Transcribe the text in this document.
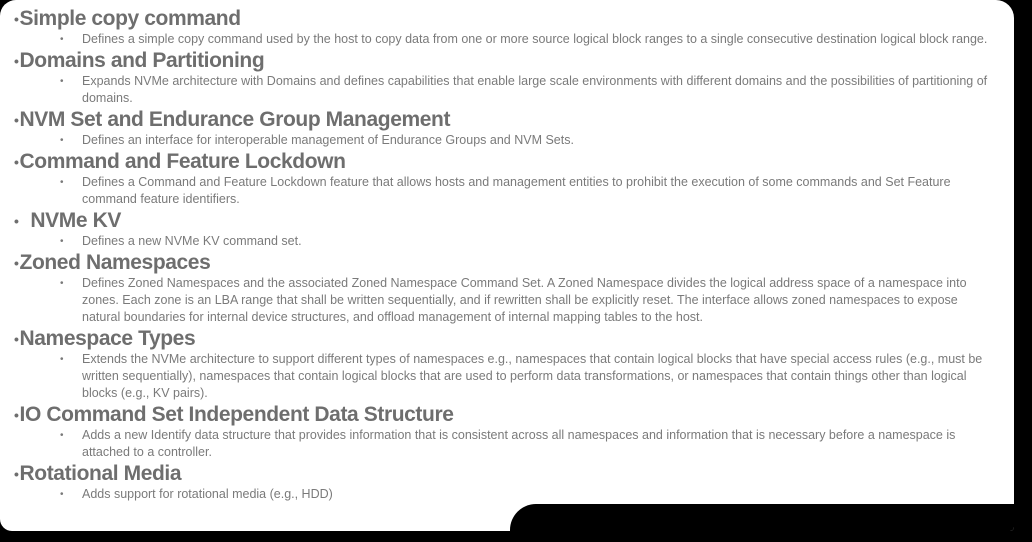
• Simple copy command
•	Defines a simple copy command used by the host to copy data from one or more source logical block ranges to a single consecutive destination logical block range.
• Domains and Partitioning
•	Expands NVMe architecture with Domains and defines capabilities that enable large scale environments with different domains and the possibilities of partitioning of domains.
• NVM Set and Endurance Group Management
•	Defines an interface for interoperable management of Endurance Groups and NVM Sets.
• Command and Feature Lockdown
•	Defines a Command and Feature Lockdown feature that allows hosts and management entities to prohibit the execution of some commands and Set Feature command feature identifiers.
• NVMe KV
•	Defines a new NVMe KV command set.
• Zoned Namespaces
•	Defines Zoned Namespaces and the associated Zoned Namespace Command Set. A Zoned Namespace divides the logical address space of a namespace into zones. Each zone is an LBA range that shall be written sequentially, and if rewritten shall be explicitly reset. The interface allows zoned namespaces to expose natural boundaries for internal device structures, and offload management of internal mapping tables to the host.
• Namespace Types
•	Extends the NVMe architecture to support different types of namespaces e.g., namespaces that contain logical blocks that have special access rules (e.g., must be written sequentially), namespaces that contain logical blocks that are used to perform data transformations, or namespaces that contain things other than logical blocks (e.g., KV pairs).
• IO Command Set Independent Data Structure
•	Adds a new Identify data structure that provides information that is consistent across all namespaces and information that is necessary before a namespace is attached to a controller.
• Rotational Media
•	Adds support for rotational media (e.g., HDD)
